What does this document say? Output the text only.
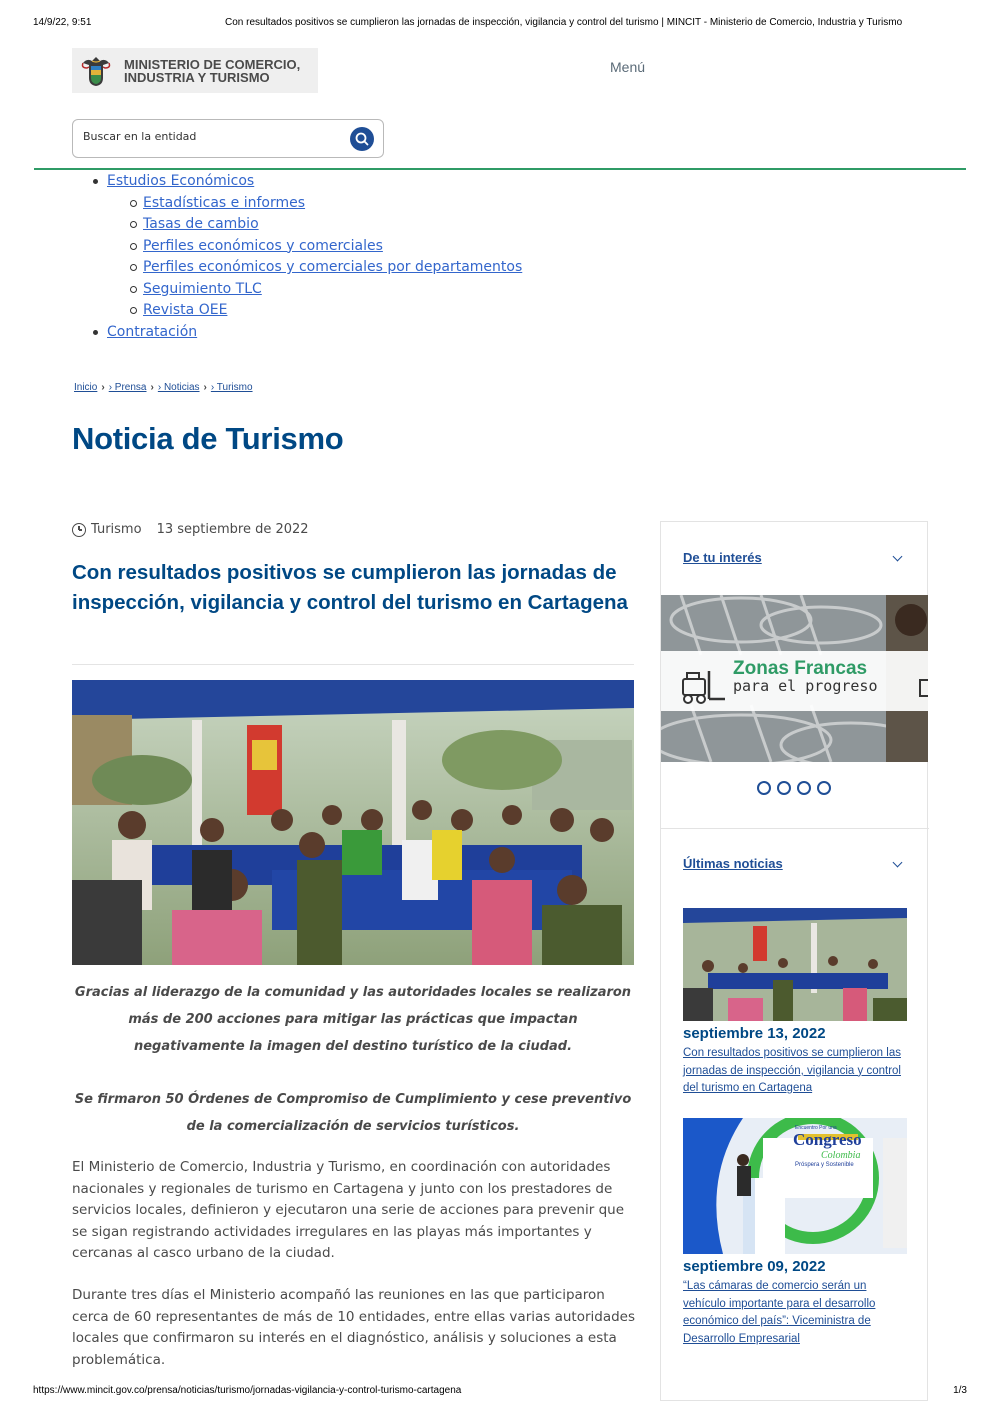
14/9/22, 9:51	Con resultados positivos se cumplieron las jornadas de inspección, vigilancia y control del turismo | MINCIT - Ministerio de Comercio, Industria y Turismo
MINISTERIO DE COMERCIO,
INDUSTRIA Y TURISMO
Menú
Buscar en la entidad
Estudios Económicos
Estadísticas e informes
Tasas de cambio
Perfiles económicos y comerciales
Perfiles económicos y comerciales por departamentos
Seguimiento TLC
Revista OEE
Contratación
Inicio › › Prensa › › Noticias › › Turismo
Noticia de Turismo
Turismo 13 septiembre de 2022
Con resultados positivos se cumplieron las jornadas de inspección, vigilancia y control del turismo en Cartagena

Gracias al liderazgo de la comunidad y las autoridades locales se realizaron más de 200 acciones para mitigar las prácticas que impactan negativamente la imagen del destino turístico de la ciudad.

Se firmaron 50 Órdenes de Compromiso de Cumplimiento y cese preventivo de la comercialización de servicios turísticos.

El Ministerio de Comercio, Industria y Turismo, en coordinación con autoridades nacionales y regionales de turismo en Cartagena y junto con los prestadores de servicios locales, definieron y ejecutaron una serie de acciones para prevenir que se sigan registrando actividades irregulares en las playas más importantes y cercanas al casco urbano de la ciudad.

Durante tres días el Ministerio acompañó las reuniones en las que participaron cerca de 60 representantes de más de 10 entidades, entre ellas varias autoridades locales que confirmaron su interés en el diagnóstico, análisis y soluciones a esta problemática.

De tu interés
Zonas Francas
para el progreso
Últimas noticias
septiembre 13, 2022
Con resultados positivos se cumplieron las jornadas de inspección, vigilancia y control del turismo en Cartagena
Encuentro Por una
Congreso
Colombia
Próspera y Sostenible
septiembre 09, 2022
“Las cámaras de comercio serán un vehículo importante para el desarrollo económico del país”: Viceministra de Desarrollo Empresarial
https://www.mincit.gov.co/prensa/noticias/turismo/jornadas-vigilancia-y-control-turismo-cartagena	1/3
